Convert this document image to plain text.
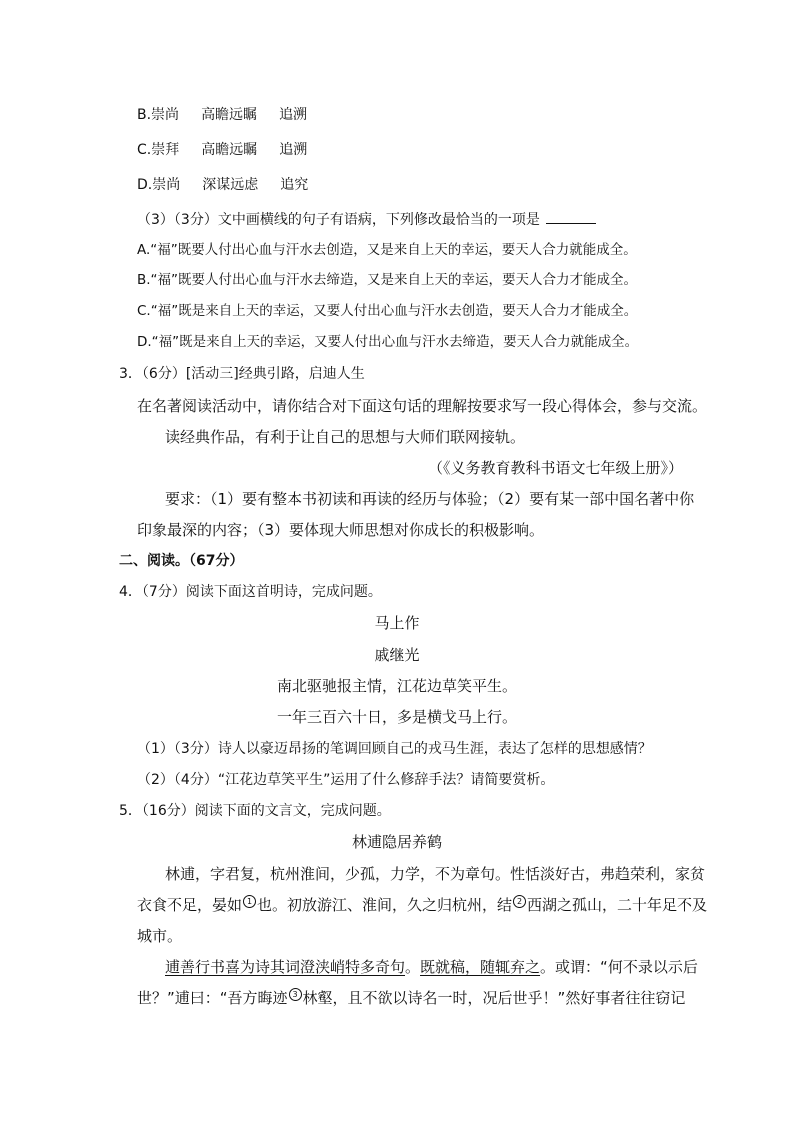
B.崇尚 高瞻远瞩 追溯
C.崇拜 高瞻远瞩 追溯
D.崇尚 深谋远虑 追究
（3）（3分）文中画横线的句子有语病，下列修改最恰当的一项是
A.“福”既要人付出心血与汗水去创造，又是来自上天的幸运，要天人合力就能成全。
B.“福”既要人付出心血与汗水去缔造，又是来自上天的幸运，要天人合力才能成全。
C.“福”既是来自上天的幸运，又要人付出心血与汗水去创造，要天人合力才能成全。
D.“福”既是来自上天的幸运，又要人付出心血与汗水去缔造，要天人合力就能成全。
3．（6分）[活动三]经典引路，启迪人生
在名著阅读活动中，请你结合对下面这句话的理解按要求写一段心得体会，参与交流。
读经典作品，有利于让自己的思想与大师们联网接轨。
（《义务教育教科书语文七年级上册》）
要求：（1）要有整本书初读和再读的经历与体验；（2）要有某一部中国名著中你
印象最深的内容；（3）要体现大师思想对你成长的积极影响。
二、阅读。（67分）
4．（7分）阅读下面这首明诗，完成问题。
马上作
戚继光
南北驱驰报主情，江花边草笑平生。
一年三百六十日，多是横戈马上行。
（1）（3分）诗人以豪迈昂扬的笔调回顾自己的戎马生涯，表达了怎样的思想感情？
（2）（4分）“江花边草笑平生”运用了什么修辞手法？请简要赏析。
5．（16分）阅读下面的文言文，完成问题。
林逋隐居养鹤
林逋，字君复，杭州淮间，少孤，力学，不为章句。性恬淡好古，弗趋荣利，家贫
衣食不足，晏如 1 也。初放游江、淮间，久之归杭州，结 2 西湖之孤山，二十年足不及
城市。
逋善行书喜为诗其词澄浃峭特多奇句。既就稿，随辄弃之。或谓：“何不录以示后
世？”逋曰：“吾方晦迹 3 林壑，且不欲以诗名一时，况后世乎！”然好事者往往窃记
